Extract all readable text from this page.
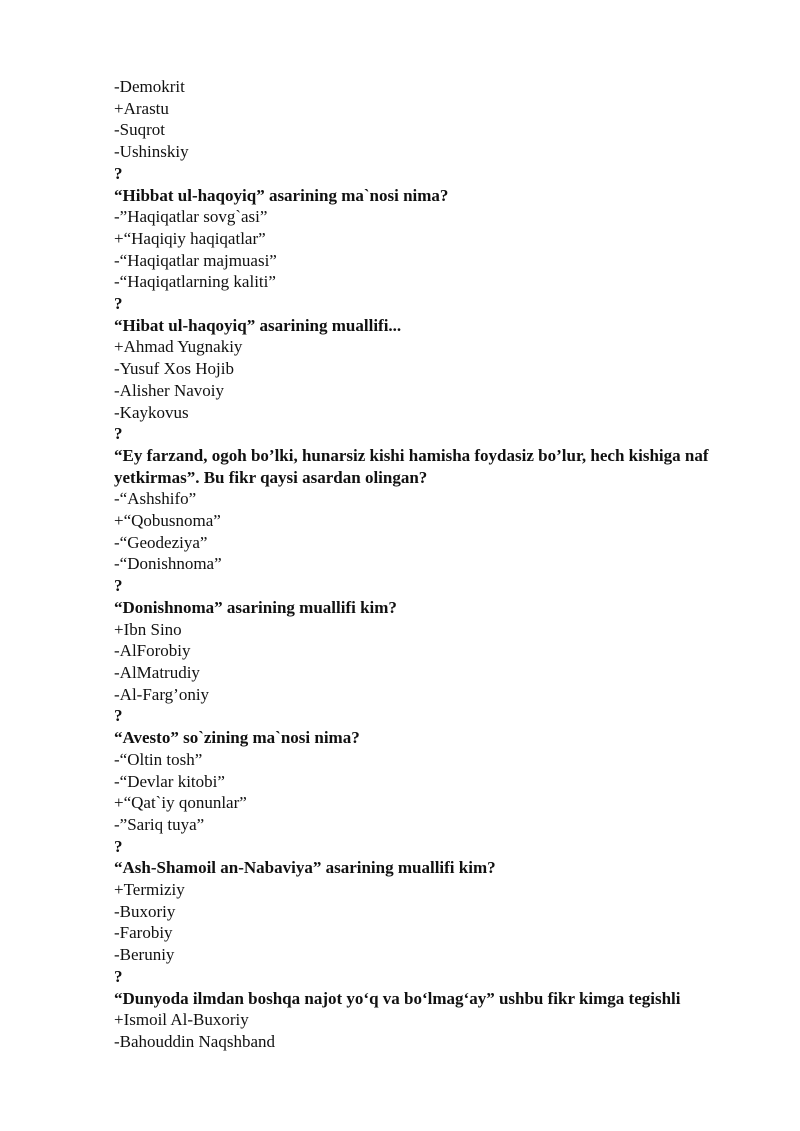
-Demokrit
+Arastu
-Suqrot
-Ushinskiy
?
“Hibbat ul-haqoyiq” asarining ma`nosi nima?
-”Haqiqatlar sovg`asi”
+“Haqiqiy haqiqatlar”
-“Haqiqatlar majmuasi”
-“Haqiqatlarning kaliti”
?
“Hibat ul-haqoyiq” asarining muallifi...
+Ahmad Yugnakiy
-Yusuf Xos Hojib
-Alisher Navoiy
-Kaykovus
?
“Ey farzand, ogoh bo’lki, hunarsiz kishi hamisha foydasiz bo’lur, hech kishiga naf yetkirmas”. Bu fikr qaysi asardan olingan?
-“Ashshifo”
+“Qobusnoma”
-“Geodeziya”
-“Donishnoma”
?
“Donishnoma” asarining muallifi kim?
+Ibn Sino
-AlForobiy
-AlMatrudiy
-Al-Farg’oniy
?
“Avesto” so`zining ma`nosi nima?
-“Oltin tosh”
-“Devlar kitobi”
+“Qat`iy qonunlar”
-”Sariq tuya”
?
“Ash-Shamoil an-Nabaviya” asarining muallifi kim?
+Termiziy
-Buxoriy
-Farobiy
-Beruniy
?
“Dunyoda ilmdan boshqa najot yo‘q va bo‘lmag‘ay” ushbu fikr kimga tegishli
+Ismoil Al-Buxoriy
-Bahouddin Naqshband
